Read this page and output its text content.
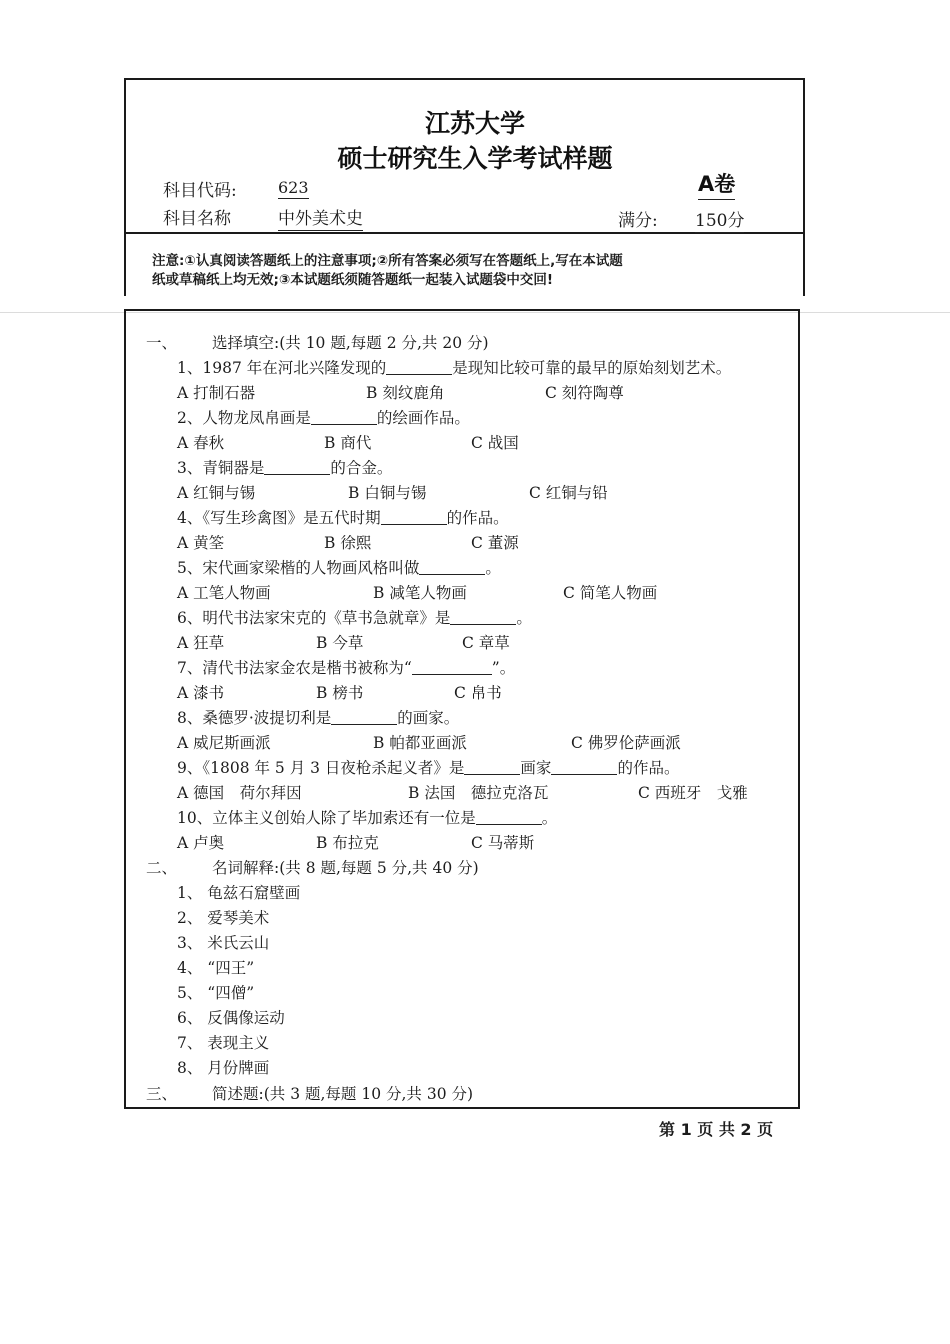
江苏大学
硕士研究生入学考试样题
A卷
科目代码:	623
科目名称	中外美术史	满分: 150分
注意:①认真阅读答题纸上的注意事项;②所有答案必须写在答题纸上,写在本试题
纸或草稿纸上均无效;③本试题纸须随答题纸一起装入试题袋中交回!
一、 选择填空:(共 10 题,每题 2 分,共 20 分)
1、1987 年在河北兴隆发现的	是现知比较可靠的最早的原始刻划艺术。
A 打制石器	B 刻纹鹿角	C 刻符陶尊
2、人物龙凤帛画是	的绘画作品。
A 春秋	B 商代	C 战国
3、青铜器是	的合金。
A 红铜与锡	B 白铜与锡	C 红铜与铅
4、《写生珍禽图》是五代时期	的作品。
A 黄筌	B 徐熙	C 董源
5、宋代画家梁楷的人物画风格叫做	。
A 工笔人物画	B 减笔人物画	C 简笔人物画
6、明代书法家宋克的《草书急就章》是	。
A 狂草	B 今草	C 章草
7、清代书法家金农是楷书被称为“	”。
A 漆书	B 榜书	C 帛书
8、桑德罗·波提切利是	的画家。
A 威尼斯画派	B 帕都亚画派	C 佛罗伦萨画派
9、《1808 年 5 月 3 日夜枪杀起义者》是	画家	的作品。
A 德国　荷尔拜因	B 法国　德拉克洛瓦	C 西班牙　戈雅
10、立体主义创始人除了毕加索还有一位是	。
A 卢奥	B 布拉克	C 马蒂斯
二、 名词解释:(共 8 题,每题 5 分,共 40 分)
1、 龟兹石窟壁画
2、 爱琴美术
3、 米氏云山
4、 “四王”
5、 “四僧”
6、 反偶像运动
7、 表现主义
8、 月份牌画
三、 简述题:(共 3 题,每题 10 分,共 30 分)
第 1 页 共 2 页
